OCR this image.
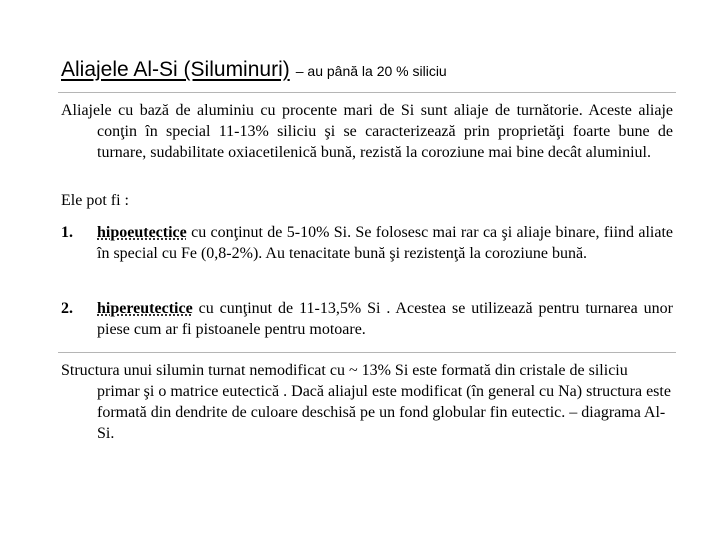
Aliajele Al-Si (Siluminuri) – au până la 20 % siliciu

Aliajele cu bază de aluminiu cu procente mari de Si sunt aliaje de turnătorie. Aceste aliaje conţin în special 11-13% siliciu şi se caracterizează prin proprietăţi foarte bune de turnare, sudabilitate oxiacetilenică bună, rezistă la coroziune mai bine decât aluminiul.

Ele pot fi :

1.	hipoeutectice cu conţinut de 5-10% Si. Se folosesc mai rar ca şi aliaje binare, fiind aliate în special cu Fe (0,8-2%). Au tenacitate bună şi rezistenţă la coroziune bună.
2.	hipereutectice cu cunţinut de 11-13,5% Si . Acestea se utilizează pentru turnarea unor piese cum ar fi pistoanele pentru motoare.

Structura unui silumin turnat nemodificat cu ~ 13% Si este formată din cristale de siliciu primar şi o matrice eutectică . Dacă aliajul este modificat (în general cu Na) structura este formată din dendrite de culoare deschisă pe un fond globular fin eutectic. – diagrama Al-Si.
